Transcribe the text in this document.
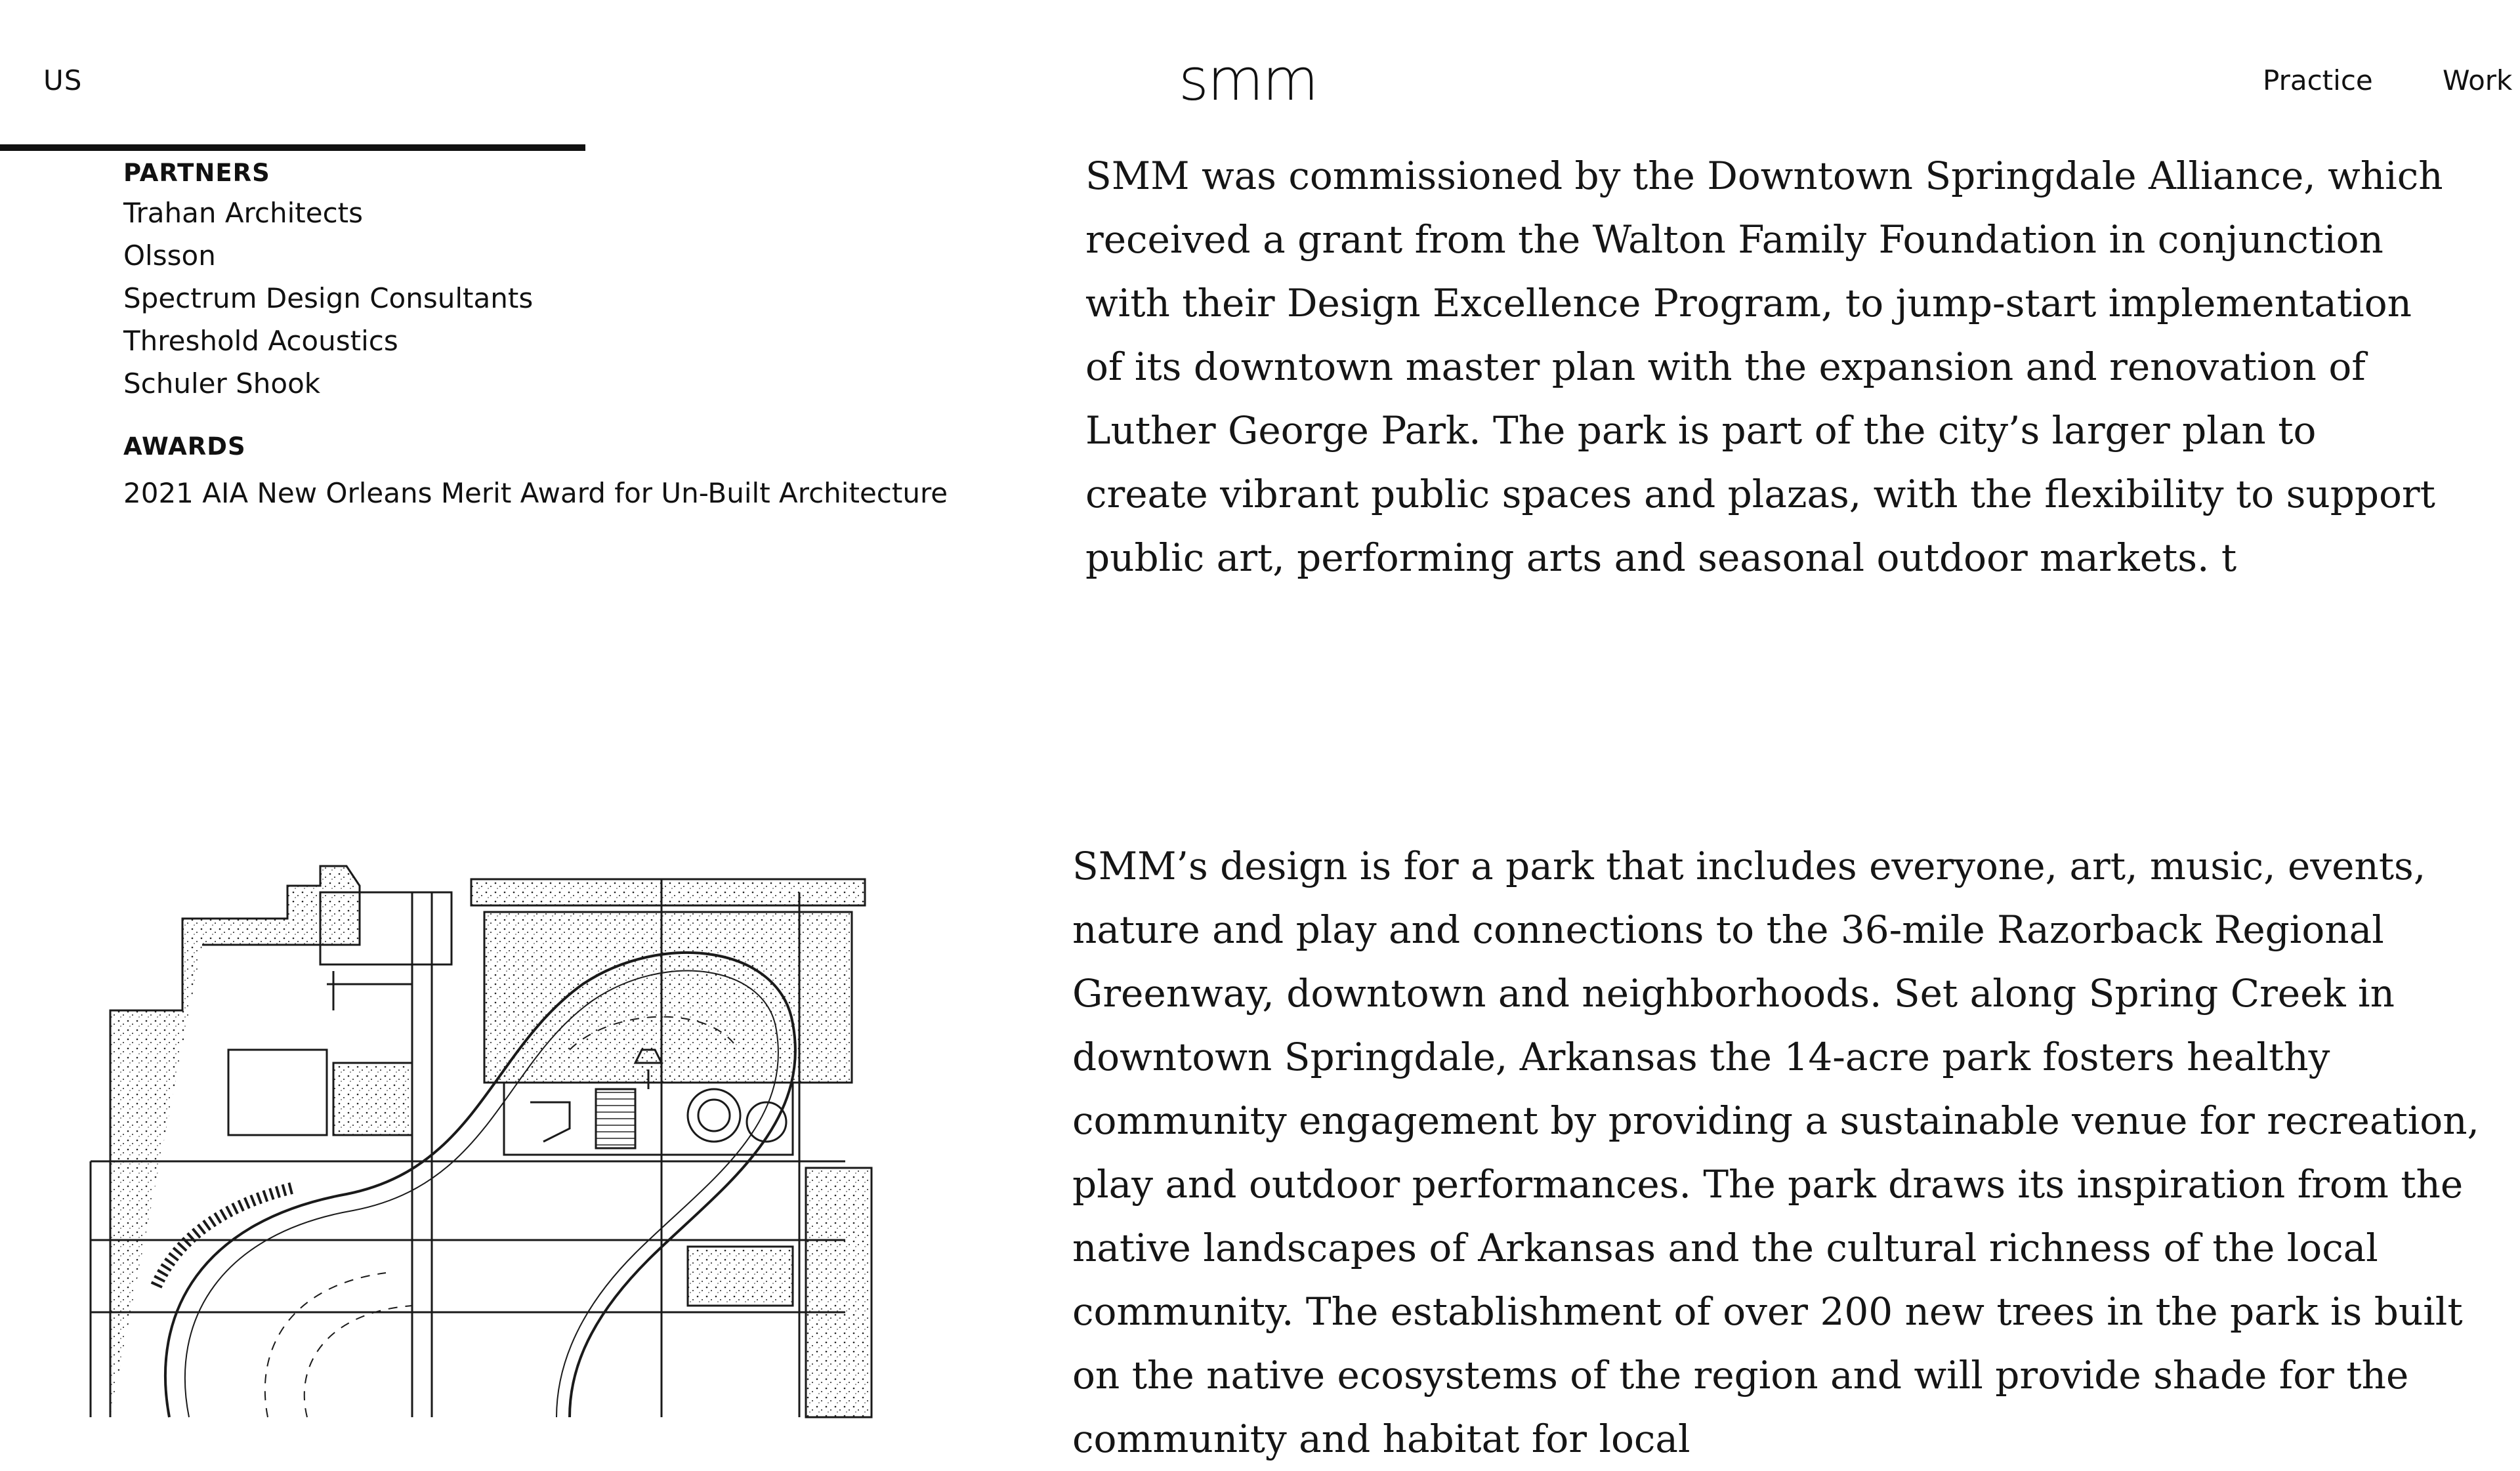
US	smm	Practice	Work
PARTNERS
Trahan Architects
Olsson
Spectrum Design Consultants
Threshold Acoustics
Schuler Shook
AWARDS
2021 AIA New Orleans Merit Award for Un-Built Architecture

SMM was commissioned by the Downtown Springdale Alliance, which received a grant from the Walton Family Foundation in conjunction with their Design Excellence Program, to jump-start implementation of its downtown master plan with the expansion and renovation of Luther George Park. The park is part of the city’s larger plan to create vibrant public spaces and plazas, with the flexibility to support public art, performing arts and seasonal outdoor markets. t

SMM’s design is for a park that includes everyone, art, music, events, nature and play and connections to the 36-mile Razorback Regional Greenway, downtown and neighborhoods. Set along Spring Creek in downtown Springdale, Arkansas the 14-acre park fosters healthy community engagement by providing a sustainable venue for recreation, play and outdoor performances. The park draws its inspiration from the native landscapes of Arkansas and the cultural richness of the local community. The establishment of over 200 new trees in the park is built on the native ecosystems of the region and will provide shade for the community and habitat for local
